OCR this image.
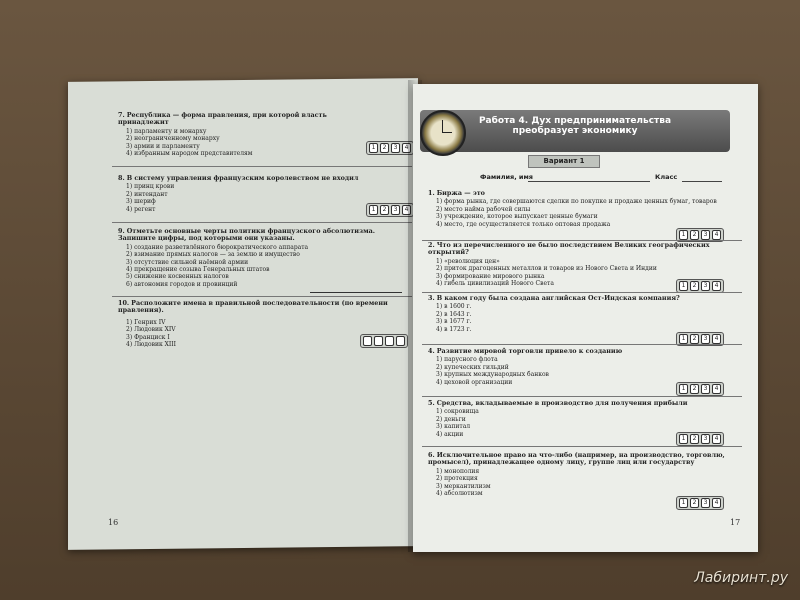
7. Республика — форма правления, при которой власть принадлежит
1) парламенту и монарху
2) неограниченному монарху
3) армии и парламенту
4) избранным народом представителям
1	2	3	4
8. В систему управления французским королевством не входил
1) принц крови
2) интендант
3) шериф
4) регент	1	2	3	4
9. Отметьте основные черты политики французского абсолютизма. Запишите цифры, под которыми они указаны.
1) создание разветвлённого бюрократического аппарата
2) взимание прямых налогов — за землю и имущество
3) отсутствие сильной наёмной армии
4) прекращение созыва Генеральных штатов
5) снижение косвенных налогов
6) автономия городов и провинций
10. Расположите имена в правильной последовательности (по времени правления).
1) Генрих IV
2) Людовик XIV
3) Франциск I
4) Людовик XIII
16
Работа 4. Дух предпринимательства
преобразует экономику
Вариант 1
Фамилия, имя	Класс
1. Биржа — это
1) форма рынка, где совершаются сделки по покупке и продаже ценных бумаг, товаров
2) место найма рабочей силы
3) учреждение, которое выпускает ценные бумаги
4) место, где осуществляется только оптовая продажа
1	2	3	4
2. Что из перечисленного не было последствием Великих географических открытий?
1) «революция цен»
2) приток драгоценных металлов и товаров из Нового Света и Индии
3) формирование мирового рынка
4) гибель цивилизаций Нового Света	1	2	3	4
3. В каком году была создана английская Ост-Индская компания?
1) в 1600 г.
2) в 1643 г.
3) в 1677 г.
4) в 1723 г.
1	2	3	4
4. Развитие мировой торговли привело к созданию
1) парусного флота
2) купеческих гильдий
3) крупных международных банков
4) цеховой организации
1	2	3	4
5. Средства, вкладываемые в производство для получения прибыли
1) сокровища
2) деньги
3) капитал
4) акции
1	2	3	4
6. Исключительное право на что-либо (например, на производство, торговлю, промысел), принадлежащее одному лицу, группе лиц или государству
1) монополия
2) протекция
3) меркантилизм
4) абсолютизм
1	2	3	4
17
Лабиринт.ру
